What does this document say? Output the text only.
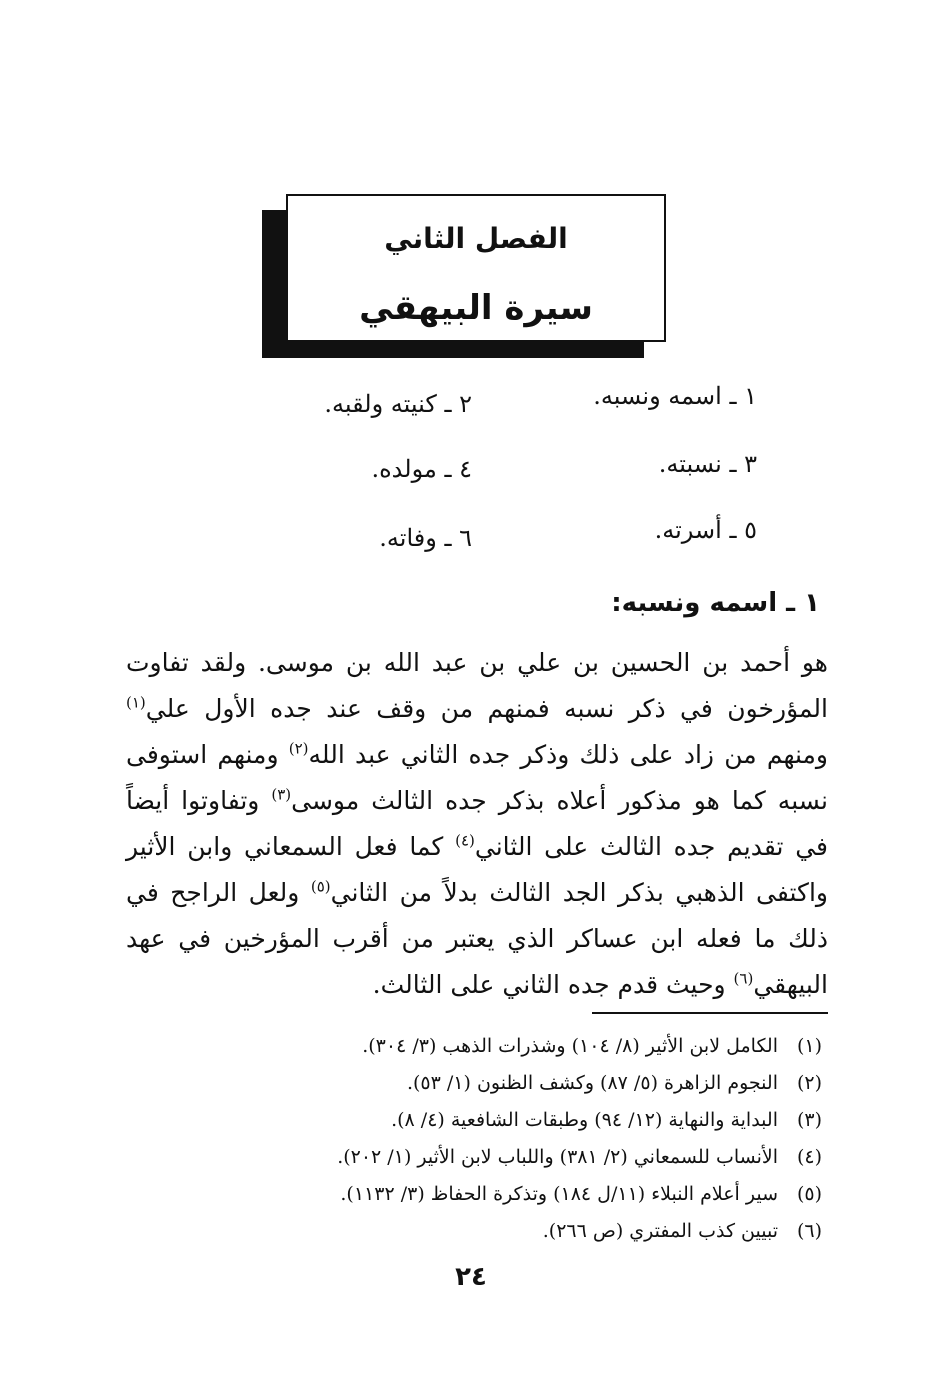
الفصل الثاني
سيرة البيهقي
١ ـ اسمه ونسبه.
٢ ـ كنيته ولقبه.
٣ ـ نسبته.
٤ ـ مولده.
٥ ـ أسرته.
٦ ـ وفاته.
١ ـ اسمه ونسبه:
هو أحمد بن الحسين بن علي بن عبد الله بن موسى. ولقد تفاوت المؤرخون في ذكر نسبه فمنهم من وقف عند جده الأول علي$^{(١)}$ ومنهم من زاد على ذلك وذكر جده الثاني عبد الله$^{(٢)}$ ومنهم استوفى نسبه كما هو مذكور أعلاه بذكر جده الثالث موسى$^{(٣)}$ وتفاوتوا أيضاً في تقديم جده الثالث على الثاني$^{(٤)}$ كما فعل السمعاني وابن الأثير واكتفى الذهبي بذكر الجد الثالث بدلاً من الثاني$^{(٥)}$ ولعل الراجح في ذلك ما فعله ابن عساكر الذي يعتبر من أقرب المؤرخين في عهد البيهقي$^{(٦)}$ وحيث قدم جده الثاني على الثالث.
(١)الكامل لابن الأثير (٨/ ١٠٤) وشذرات الذهب (٣/ ٣٠٤).
(٢)النجوم الزاهرة (٥/ ٨٧) وكشف الظنون (١/ ٥٣).
(٣)البداية والنهاية (١٢/ ٩٤) وطبقات الشافعية (٤/ ٨).
(٤)الأنساب للسمعاني (٢/ ٣٨١) واللباب لابن الأثير (١/ ٢٠٢).
(٥)سير أعلام النبلاء (١١/ل ١٨٤) وتذكرة الحفاظ (٣/ ١١٣٢).
(٦)تبيين كذب المفتري (ص ٢٦٦).
٢٤
